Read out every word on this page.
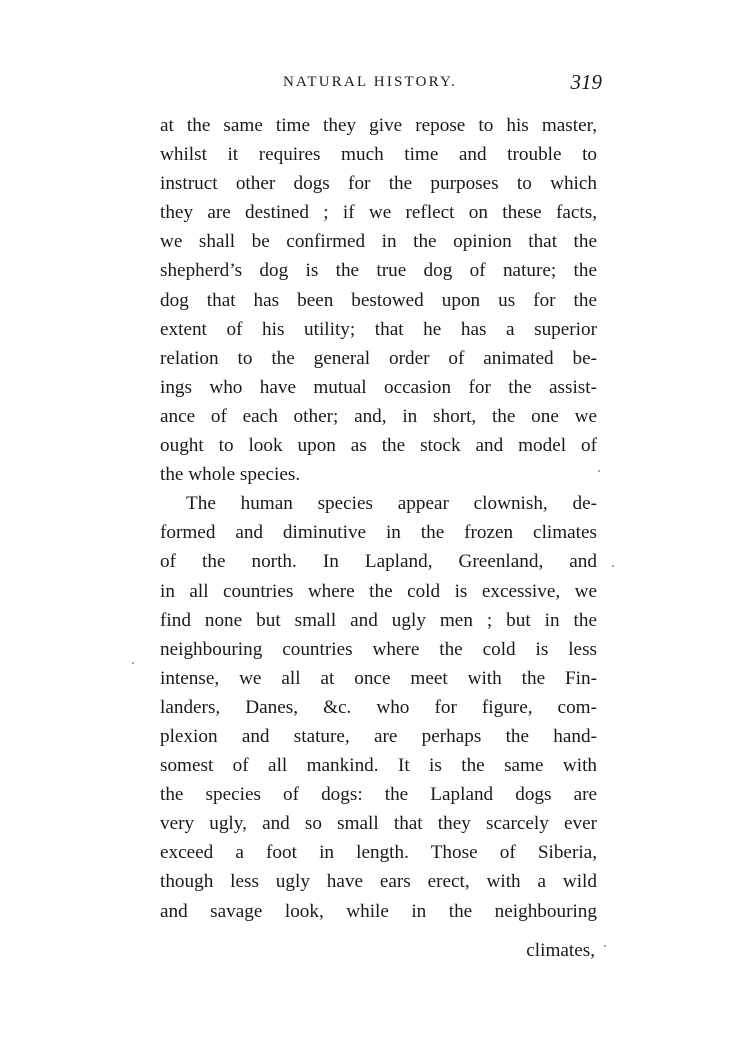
NATURAL HISTORY.	319
at the same time they give repose to his master,
whilst it requires much time and trouble to
instruct other dogs for the purposes to which
they are destined ; if we reflect on these facts,
we shall be confirmed in the opinion that the
shepherd’s dog is the true dog of nature; the
dog that has been bestowed upon us for the
extent of his utility; that he has a superior
relation to the general order of animated be-
ings who have mutual occasion for the assist-
ance of each other; and, in short, the one we
ought to look upon as the stock and model of
the whole species.
The human species appear clownish, de-
formed and diminutive in the frozen climates
of the north. In Lapland, Greenland, and
in all countries where the cold is excessive, we
find none but small and ugly men ; but in the
neighbouring countries where the cold is less
intense, we all at once meet with the Fin-
landers, Danes, &c. who for figure, com-
plexion and stature, are perhaps the hand-
somest of all mankind. It is the same with
the species of dogs: the Lapland dogs are
very ugly, and so small that they scarcely ever
exceed a foot in length. Those of Siberia,
though less ugly have ears erect, with a wild
and savage look, while in the neighbouring
climates,
